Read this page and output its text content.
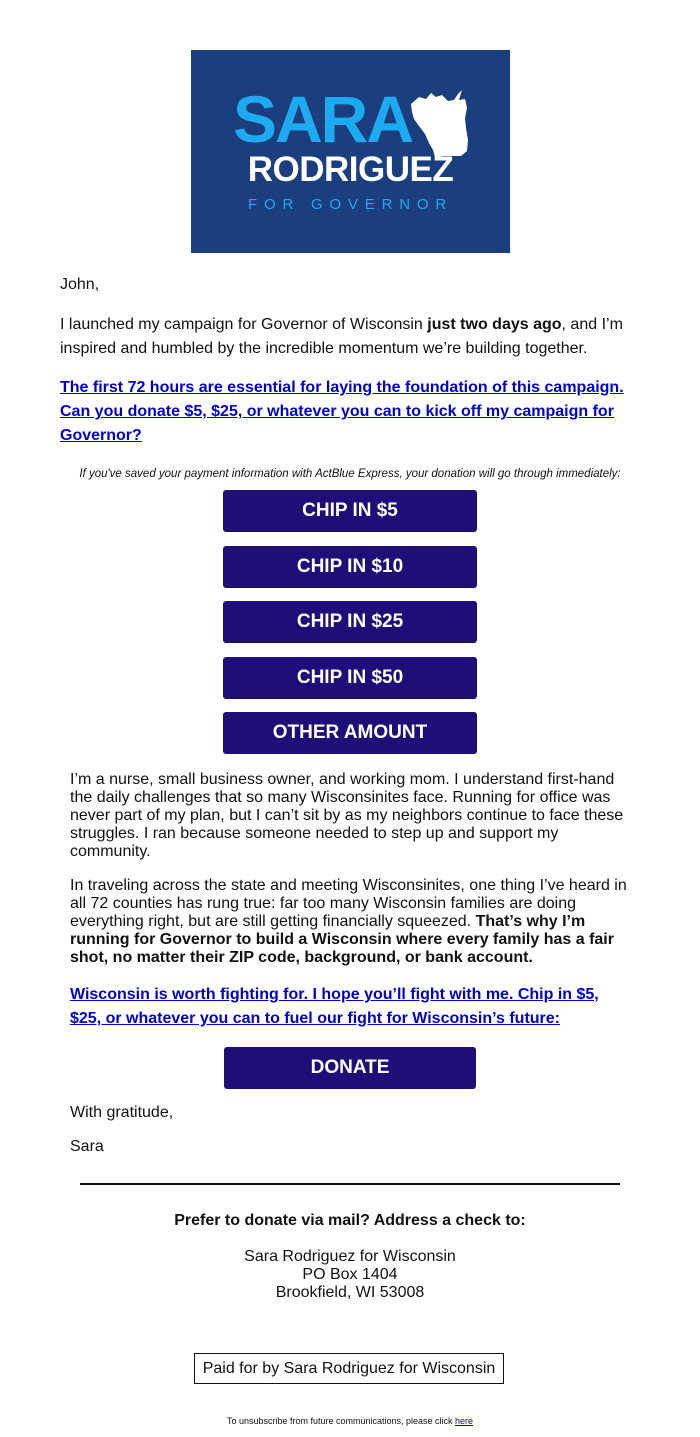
SARA
RODRIGUEZ
FOR GOVERNOR

John,

I launched my campaign for Governor of Wisconsin just two days ago, and I’m inspired and humbled by the incredible momentum we’re building together.

The first 72 hours are essential for laying the foundation of this campaign. Can you donate $5, $25, or whatever you can to kick off my campaign for Governor?

If you've saved your payment information with ActBlue Express, your donation will go through immediately:
CHIP IN $5
CHIP IN $10
CHIP IN $25
CHIP IN $50
OTHER AMOUNT

I’m a nurse, small business owner, and working mom. I understand first-hand the daily challenges that so many Wisconsinites face. Running for office was never part of my plan, but I can’t sit by as my neighbors continue to face these struggles. I ran because someone needed to step up and support my community.

In traveling across the state and meeting Wisconsinites, one thing I’ve heard in all 72 counties has rung true: far too many Wisconsin families are doing everything right, but are still getting financially squeezed. That’s why I’m running for Governor to build a Wisconsin where every family has a fair shot, no matter their ZIP code, background, or bank account.

Wisconsin is worth fighting for. I hope you’ll fight with me. Chip in $5, $25, or whatever you can to fuel our fight for Wisconsin’s future:

DONATE

With gratitude,

Sara

Prefer to donate via mail? Address a check to:

Sara Rodriguez for Wisconsin
PO Box 1404
Brookfield, WI 53008
Paid for by Sara Rodriguez for Wisconsin
To unsubscribe from future communications, please click here
